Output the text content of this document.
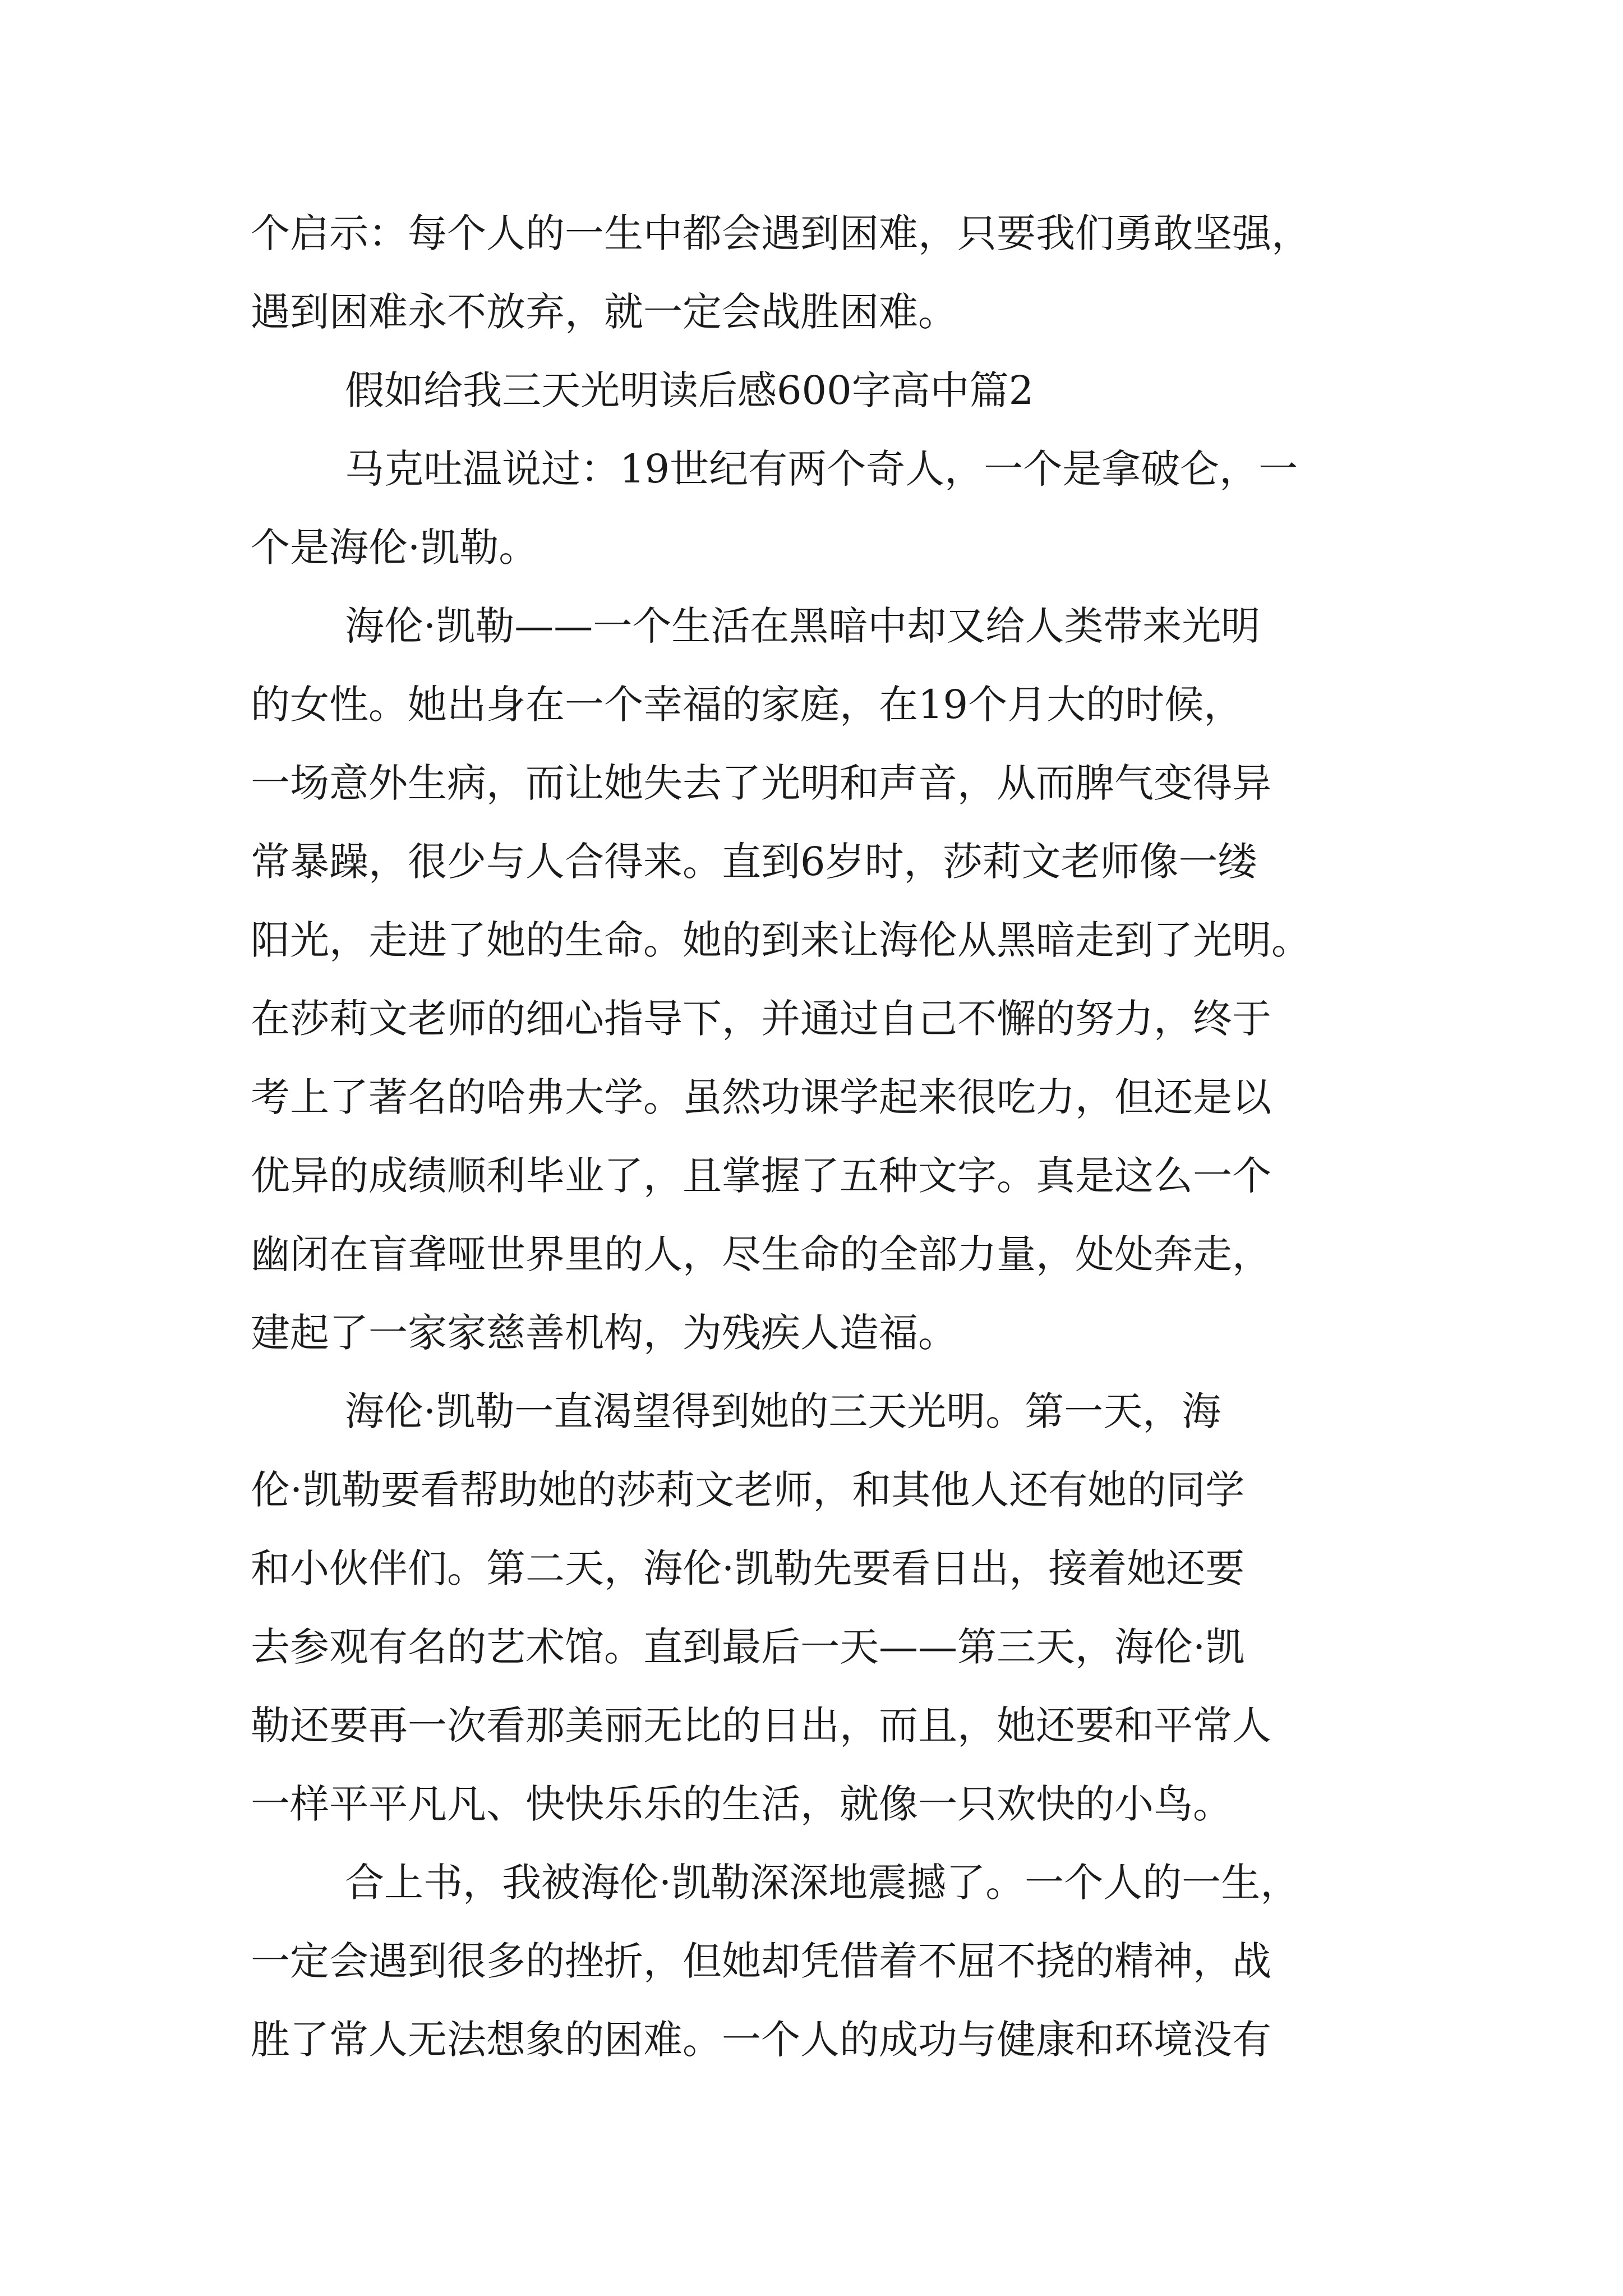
个启示：每个人的一生中都会遇到困难，只要我们勇敢坚强，
遇到困难永不放弃，就一定会战胜困难。
假如给我三天光明读后感600字高中篇2
马克吐温说过：19世纪有两个奇人，一个是拿破仑，一
个是海伦·凯勒。
海伦·凯勒——一个生活在黑暗中却又给人类带来光明
的女性。她出身在一个幸福的家庭，在19个月大的时候，
一场意外生病，而让她失去了光明和声音，从而脾气变得异
常暴躁，很少与人合得来。直到6岁时，莎莉文老师像一缕
阳光，走进了她的生命。她的到来让海伦从黑暗走到了光明。
在莎莉文老师的细心指导下，并通过自己不懈的努力，终于
考上了著名的哈弗大学。虽然功课学起来很吃力，但还是以
优异的成绩顺利毕业了，且掌握了五种文字。真是这么一个
幽闭在盲聋哑世界里的人，尽生命的全部力量，处处奔走，
建起了一家家慈善机构，为残疾人造福。
海伦·凯勒一直渴望得到她的三天光明。第一天，海
伦·凯勒要看帮助她的莎莉文老师，和其他人还有她的同学
和小伙伴们。第二天，海伦·凯勒先要看日出，接着她还要
去参观有名的艺术馆。直到最后一天——第三天，海伦·凯
勒还要再一次看那美丽无比的日出，而且，她还要和平常人
一样平平凡凡、快快乐乐的生活，就像一只欢快的小鸟。
合上书，我被海伦·凯勒深深地震撼了。一个人的一生，
一定会遇到很多的挫折，但她却凭借着不屈不挠的精神，战
胜了常人无法想象的困难。一个人的成功与健康和环境没有
